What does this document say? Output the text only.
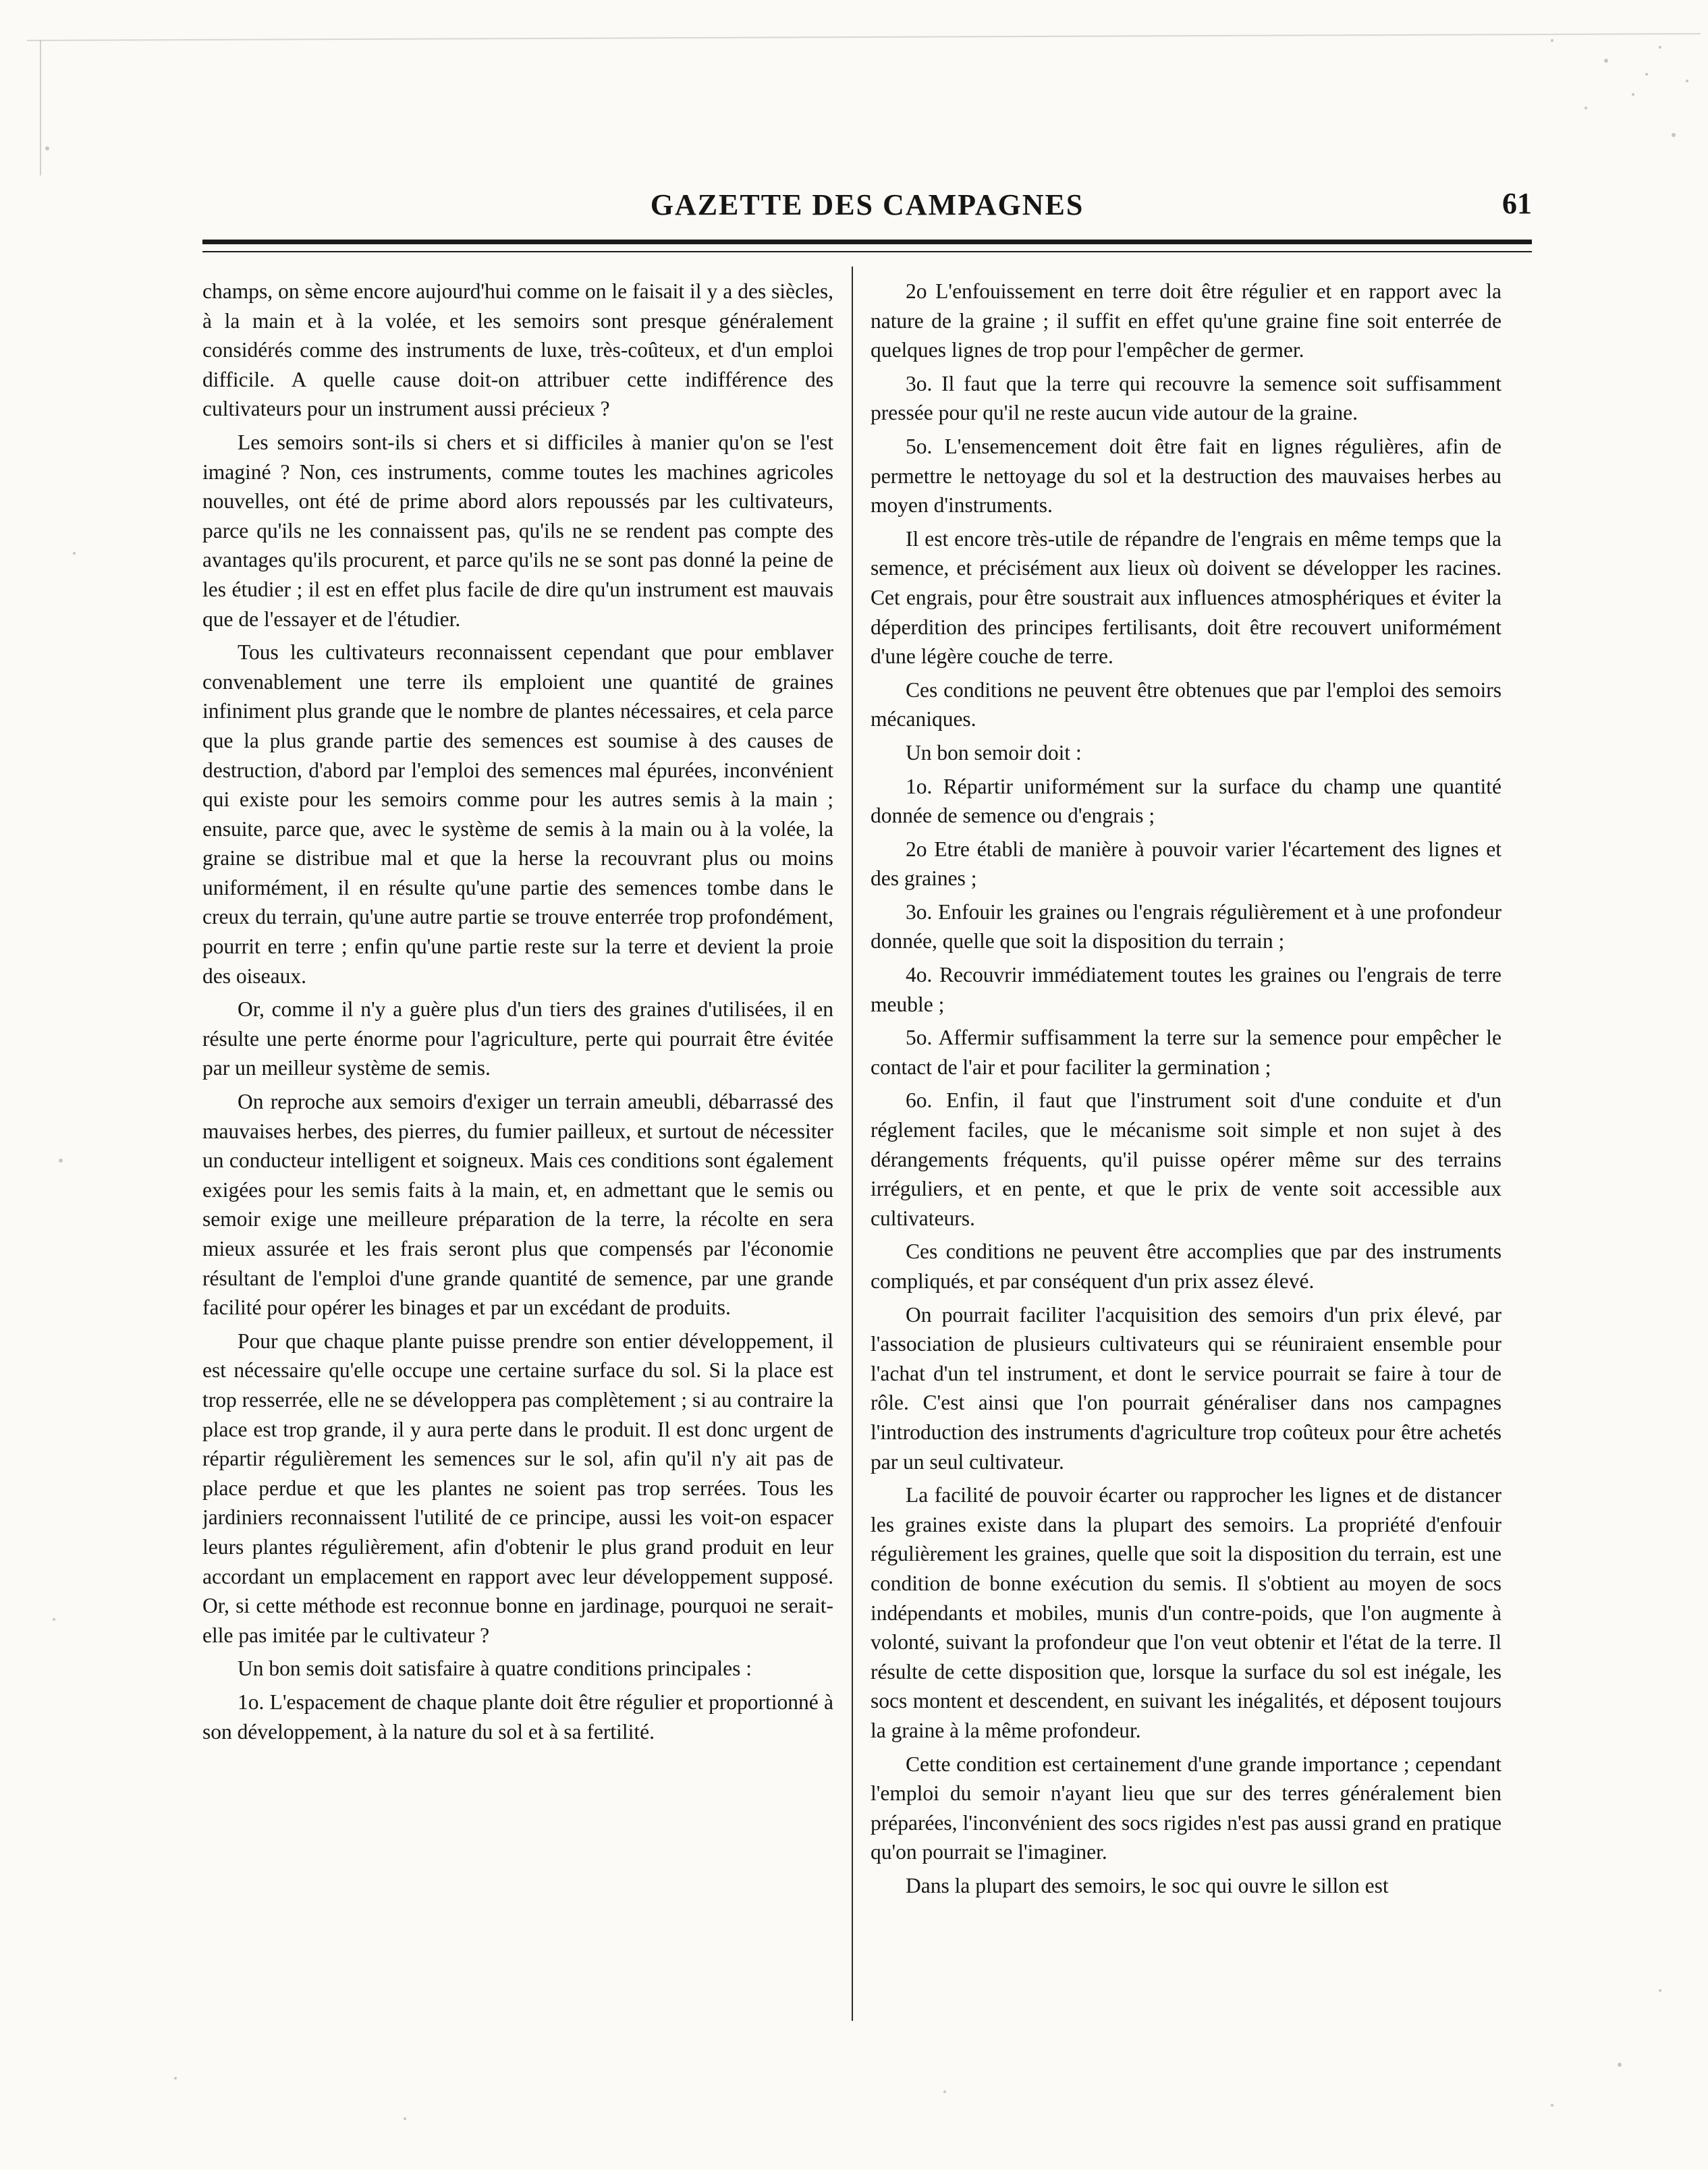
GAZETTE DES CAMPAGNES	61

champs, on sème encore aujourd'hui comme on le faisait il y a des siècles, à la main et à la volée, et les semoirs sont presque généralement considérés comme des instruments de luxe, très-coûteux, et d'un emploi difficile. A quelle cause doit-on attribuer cette indifférence des cultivateurs pour un instrument aussi précieux ?

Les semoirs sont-ils si chers et si difficiles à manier qu'on se l'est imaginé ? Non, ces instruments, comme toutes les machines agricoles nouvelles, ont été de prime abord alors repoussés par les cultivateurs, parce qu'ils ne les connaissent pas, qu'ils ne se rendent pas compte des avantages qu'ils procurent, et parce qu'ils ne se sont pas donné la peine de les étudier ; il est en effet plus facile de dire qu'un instrument est mauvais que de l'essayer et de l'étudier.

Tous les cultivateurs reconnaissent cependant que pour emblaver convenablement une terre ils emploient une quantité de graines infiniment plus grande que le nombre de plantes nécessaires, et cela parce que la plus grande partie des semences est soumise à des causes de destruction, d'abord par l'emploi des semences mal épurées, inconvénient qui existe pour les semoirs comme pour les autres semis à la main ; ensuite, parce que, avec le système de semis à la main ou à la volée, la graine se distribue mal et que la herse la recouvrant plus ou moins uniformément, il en résulte qu'une partie des semences tombe dans le creux du terrain, qu'une autre partie se trouve enterrée trop profondément, pourrit en terre ; enfin qu'une partie reste sur la terre et devient la proie des oiseaux.

Or, comme il n'y a guère plus d'un tiers des graines d'utilisées, il en résulte une perte énorme pour l'agriculture, perte qui pourrait être évitée par un meilleur système de semis.

On reproche aux semoirs d'exiger un terrain ameubli, débarrassé des mauvaises herbes, des pierres, du fumier pailleux, et surtout de nécessiter un conducteur intelligent et soigneux. Mais ces conditions sont également exigées pour les semis faits à la main, et, en admettant que le semis ou semoir exige une meilleure préparation de la terre, la récolte en sera mieux assurée et les frais seront plus que compensés par l'économie résultant de l'emploi d'une grande quantité de semence, par une grande facilité pour opérer les binages et par un excédant de produits.

Pour que chaque plante puisse prendre son entier développement, il est nécessaire qu'elle occupe une certaine surface du sol. Si la place est trop resserrée, elle ne se développera pas complètement ; si au contraire la place est trop grande, il y aura perte dans le produit. Il est donc urgent de répartir régulièrement les semences sur le sol, afin qu'il n'y ait pas de place perdue et que les plantes ne soient pas trop serrées. Tous les jardiniers reconnaissent l'utilité de ce principe, aussi les voit-on espacer leurs plantes régulièrement, afin d'obtenir le plus grand produit en leur accordant un emplacement en rapport avec leur développement supposé. Or, si cette méthode est reconnue bonne en jardinage, pourquoi ne serait-elle pas imitée par le cultivateur ?

Un bon semis doit satisfaire à quatre conditions principales :

1o. L'espacement de chaque plante doit être régulier et proportionné à son développement, à la nature du sol et à sa fertilité.

2o L'enfouissement en terre doit être régulier et en rapport avec la nature de la graine ; il suffit en effet qu'une graine fine soit enterrée de quelques lignes de trop pour l'empêcher de germer.

3o. Il faut que la terre qui recouvre la semence soit suffisamment pressée pour qu'il ne reste aucun vide autour de la graine.

5o. L'ensemencement doit être fait en lignes régulières, afin de permettre le nettoyage du sol et la destruction des mauvaises herbes au moyen d'instruments.

Il est encore très-utile de répandre de l'engrais en même temps que la semence, et précisément aux lieux où doivent se développer les racines. Cet engrais, pour être soustrait aux influences atmosphériques et éviter la déperdition des principes fertilisants, doit être recouvert uniformément d'une légère couche de terre.

Ces conditions ne peuvent être obtenues que par l'emploi des semoirs mécaniques.

Un bon semoir doit :

1o. Répartir uniformément sur la surface du champ une quantité donnée de semence ou d'engrais ;

2o Etre établi de manière à pouvoir varier l'écartement des lignes et des graines ;

3o. Enfouir les graines ou l'engrais régulièrement et à une profondeur donnée, quelle que soit la disposition du terrain ;

4o. Recouvrir immédiatement toutes les graines ou l'engrais de terre meuble ;

5o. Affermir suffisamment la terre sur la semence pour empêcher le contact de l'air et pour faciliter la germination ;

6o. Enfin, il faut que l'instrument soit d'une conduite et d'un réglement faciles, que le mécanisme soit simple et non sujet à des dérangements fréquents, qu'il puisse opérer même sur des terrains irréguliers, et en pente, et que le prix de vente soit accessible aux cultivateurs.

Ces conditions ne peuvent être accomplies que par des instruments compliqués, et par conséquent d'un prix assez élevé.

On pourrait faciliter l'acquisition des semoirs d'un prix élevé, par l'association de plusieurs cultivateurs qui se réuniraient ensemble pour l'achat d'un tel instrument, et dont le service pourrait se faire à tour de rôle. C'est ainsi que l'on pourrait généraliser dans nos campagnes l'introduction des instruments d'agriculture trop coûteux pour être achetés par un seul cultivateur.

La facilité de pouvoir écarter ou rapprocher les lignes et de distancer les graines existe dans la plupart des semoirs. La propriété d'enfouir régulièrement les graines, quelle que soit la disposition du terrain, est une condition de bonne exécution du semis. Il s'obtient au moyen de socs indépendants et mobiles, munis d'un contre-poids, que l'on augmente à volonté, suivant la profondeur que l'on veut obtenir et l'état de la terre. Il résulte de cette disposition que, lorsque la surface du sol est inégale, les socs montent et descendent, en suivant les inégalités, et déposent toujours la graine à la même profondeur.

Cette condition est certainement d'une grande importance ; cependant l'emploi du semoir n'ayant lieu que sur des terres généralement bien préparées, l'inconvénient des socs rigides n'est pas aussi grand en pratique qu'on pourrait se l'imaginer.

Dans la plupart des semoirs, le soc qui ouvre le sillon est
